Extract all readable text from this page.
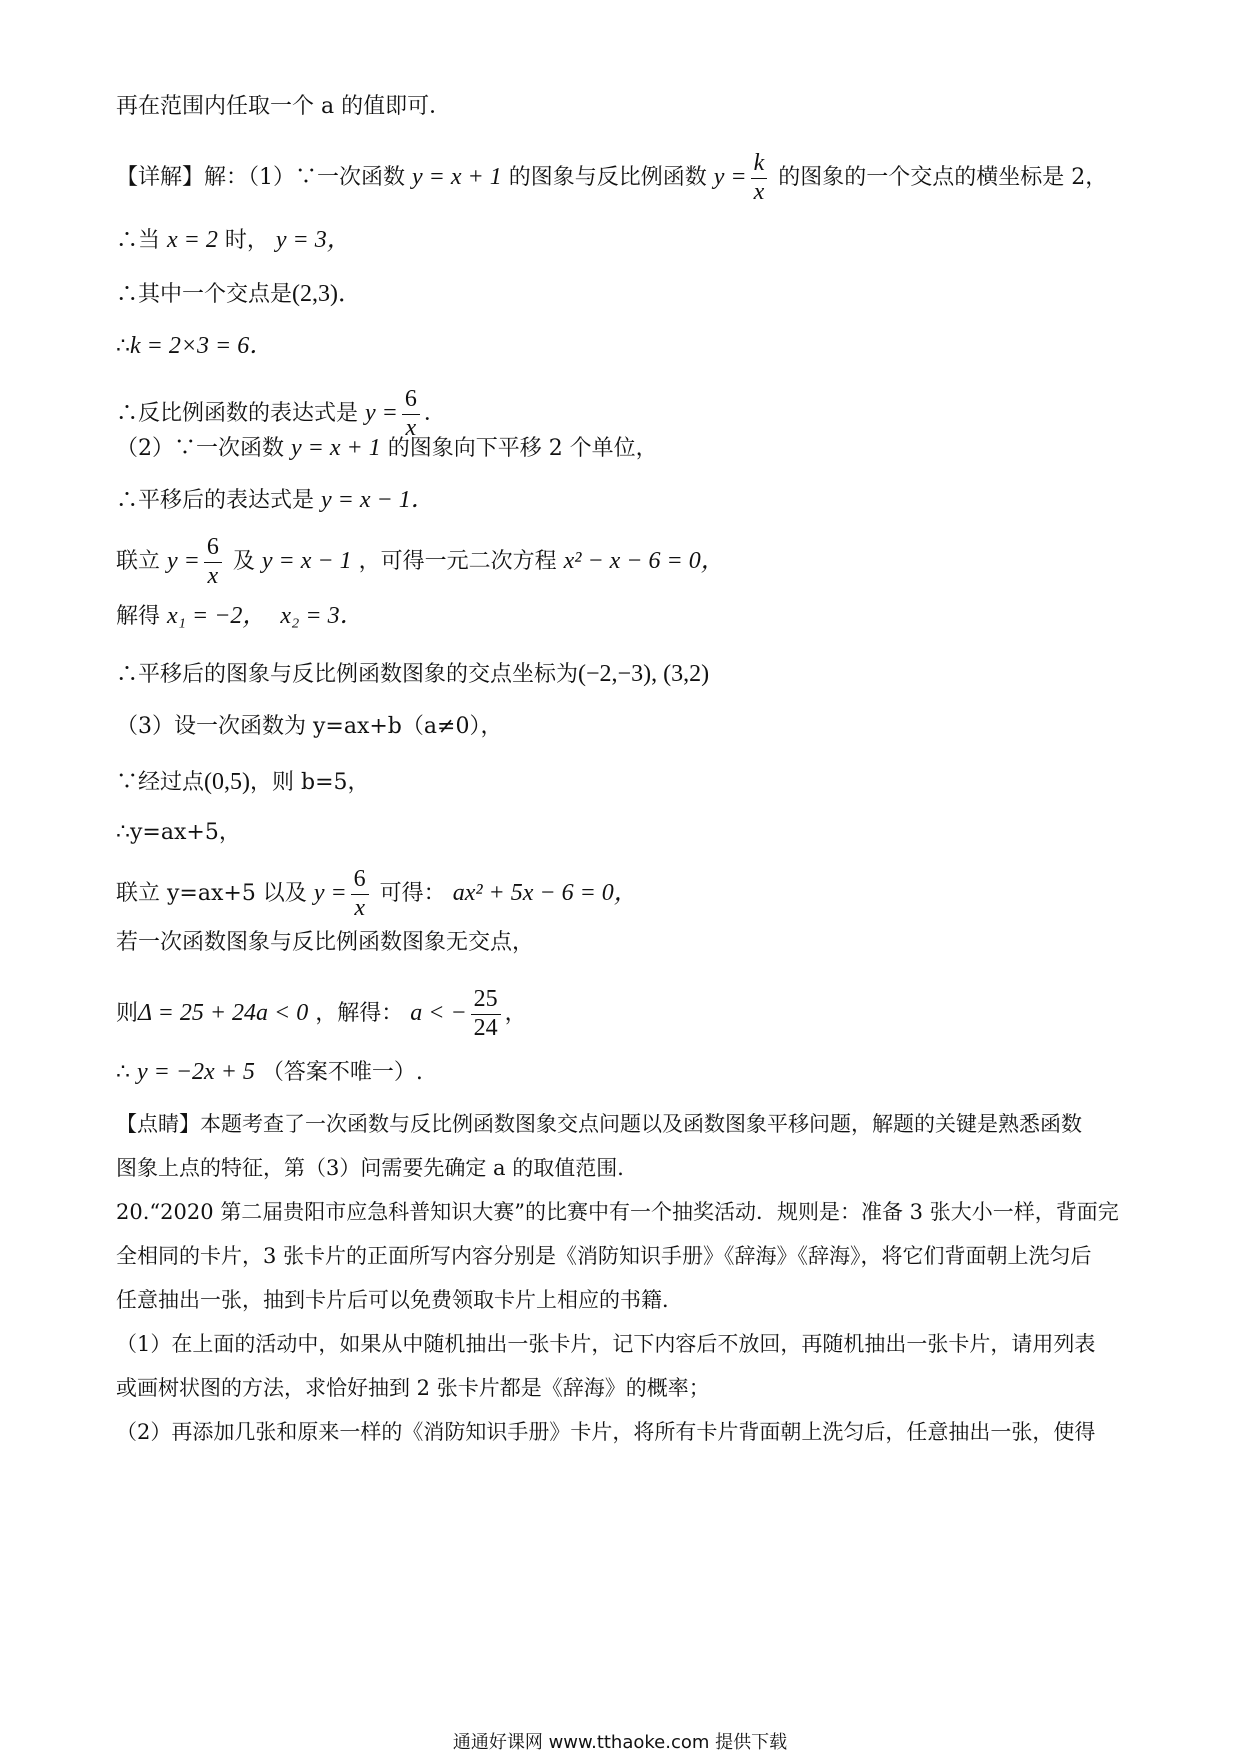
再在范围内任取一个 a 的值即可．
【详解】解：（1）∵一次函数 y = x + 1 的图象与反比例函数 $y = \frac{k}{x}$ 的图象的一个交点的横坐标是 2，
∴当 x = 2 时， y = 3，
∴其中一个交点是(2,3)．
∴k = 2×3 = 6．
∴反比例函数的表达式是 $y = \frac{6}{x}$ ．
（2）∵一次函数 y = x + 1 的图象向下平移 2 个单位，
∴平移后的表达式是 y = x − 1．
联立 $y = \frac{6}{x}$ 及 y = x − 1 ，可得一元二次方程 x² − x − 6 = 0，
解得 x₁ = −2， x₂ = 3．
∴平移后的图象与反比例函数图象的交点坐标为(−2,−3), (3,2)
（3）设一次函数为 y=ax+b（a≠0），
∵经过点(0,5)，则 b=5，
∴y=ax+5，
联立 y=ax+5 以及 $y = \frac{6}{x}$ 可得： ax² + 5x − 6 = 0，
若一次函数图象与反比例函数图象无交点，
则Δ = 25 + 24a < 0 ，解得： a < − $\frac{25}{24}$ ，
∴ y = −2x + 5 （答案不唯一）.
【点睛】本题考查了一次函数与反比例函数图象交点问题以及函数图象平移问题，解题的关键是熟悉函数
图象上点的特征，第（3）问需要先确定 a 的取值范围．
20.“2020 第二届贵阳市应急科普知识大赛”的比赛中有一个抽奖活动．规则是：准备 3 张大小一样，背面完
全相同的卡片，3 张卡片的正面所写内容分别是《消防知识手册》《辞海》《辞海》，将它们背面朝上洗匀后
任意抽出一张，抽到卡片后可以免费领取卡片上相应的书籍．
（1）在上面的活动中，如果从中随机抽出一张卡片，记下内容后不放回，再随机抽出一张卡片，请用列表
或画树状图的方法，求恰好抽到 2 张卡片都是《辞海》的概率；
（2）再添加几张和原来一样的《消防知识手册》卡片，将所有卡片背面朝上洗匀后，任意抽出一张，使得
通通好课网 www.tthaoke.com 提供下载
